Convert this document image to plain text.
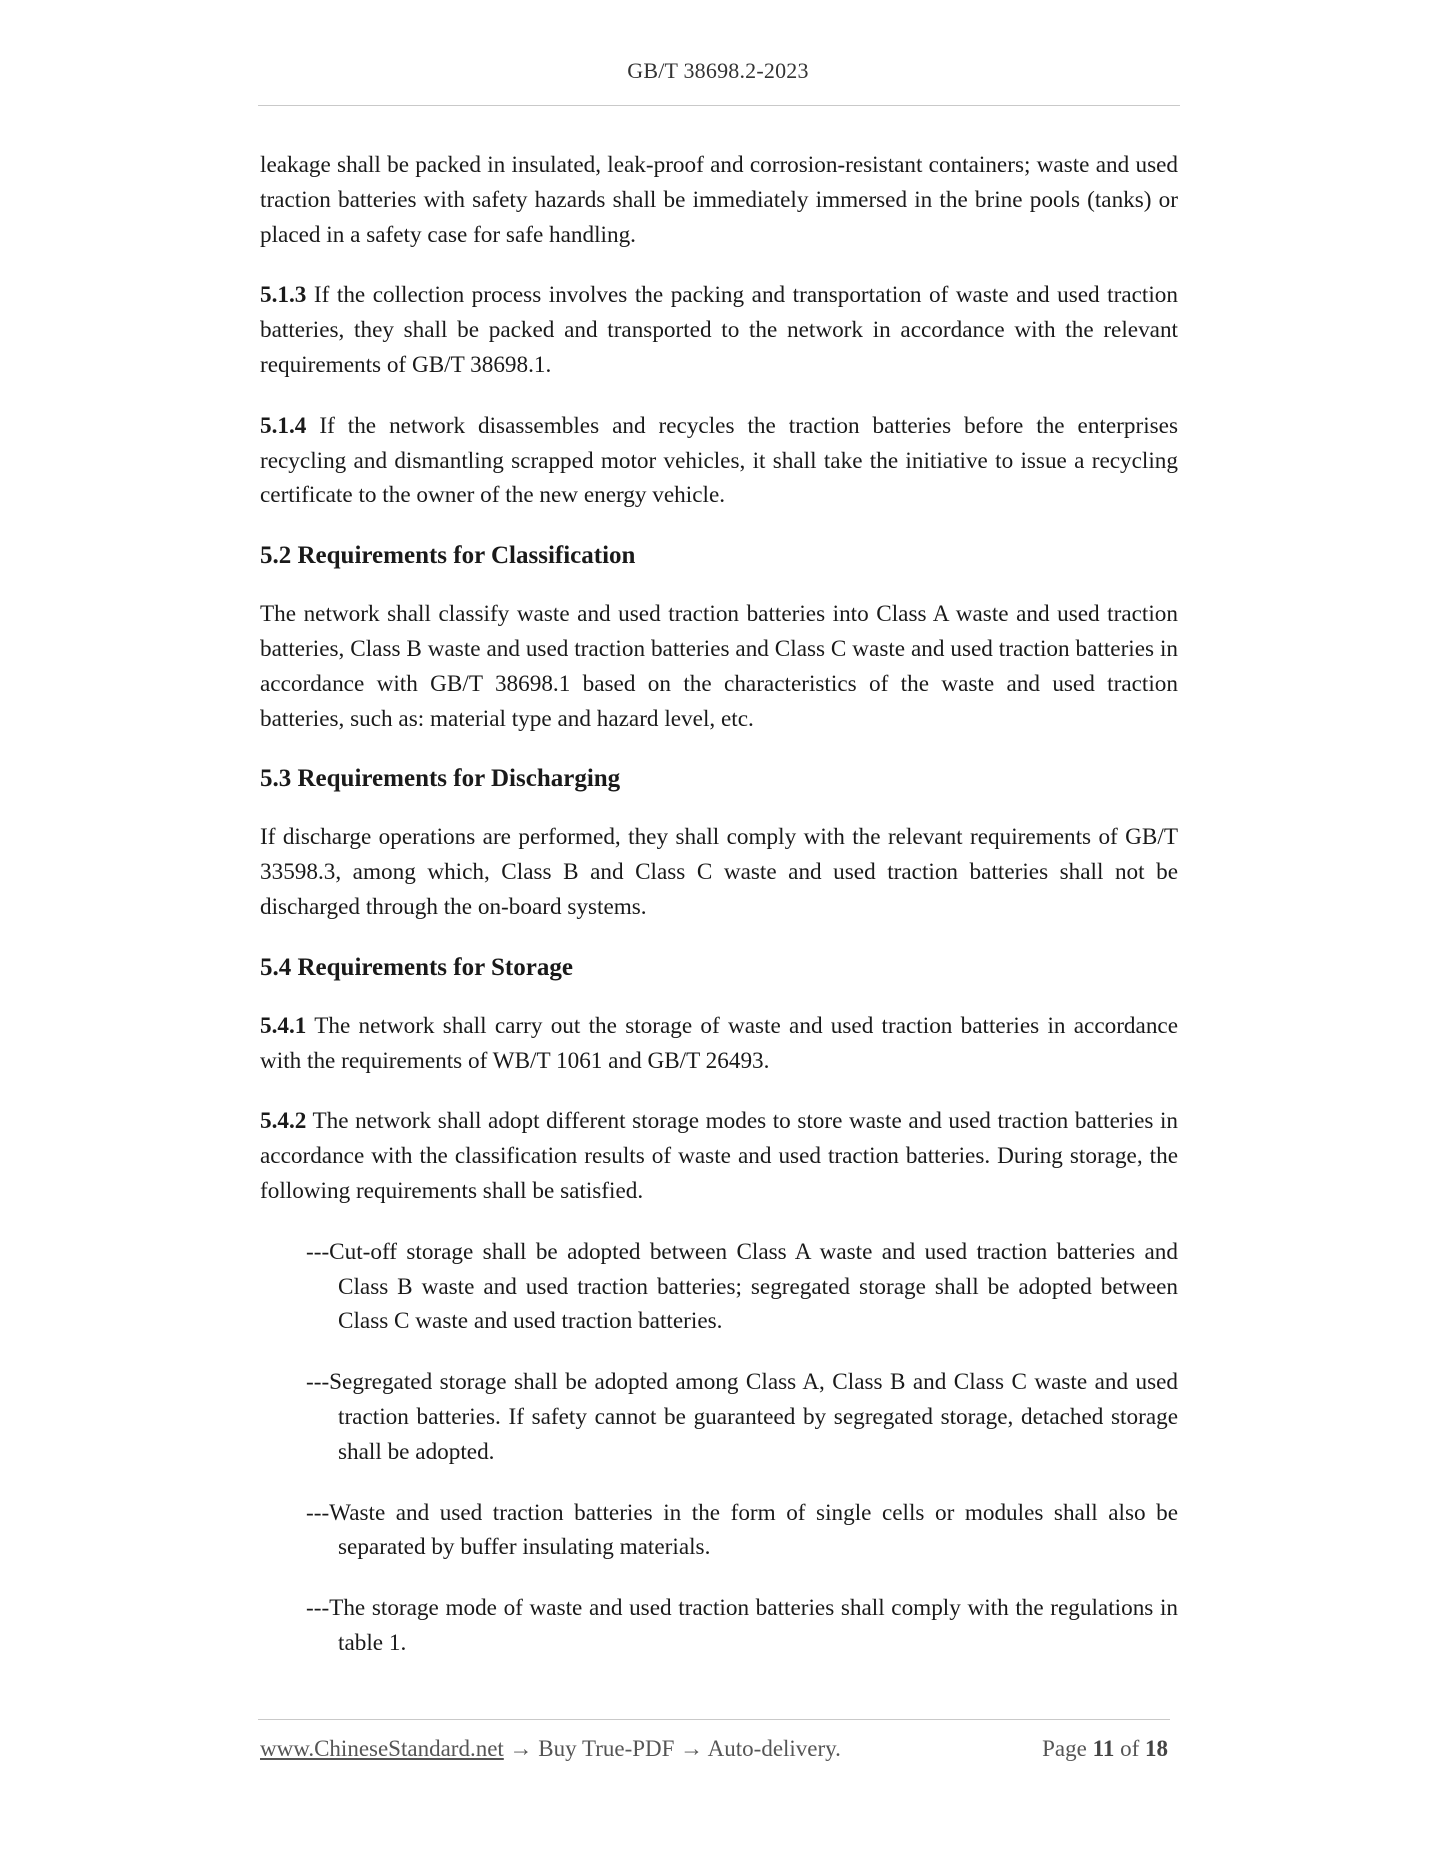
GB/T 38698.2-2023

leakage shall be packed in insulated, leak-proof and corrosion-resistant containers; waste and used traction batteries with safety hazards shall be immediately immersed in the brine pools (tanks) or placed in a safety case for safe handling.

5.1.3 If the collection process involves the packing and transportation of waste and used traction batteries, they shall be packed and transported to the network in accordance with the relevant requirements of GB/T 38698.1.

5.1.4 If the network disassembles and recycles the traction batteries before the enterprises recycling and dismantling scrapped motor vehicles, it shall take the initiative to issue a recycling certificate to the owner of the new energy vehicle.

5.2 Requirements for Classification

The network shall classify waste and used traction batteries into Class A waste and used traction batteries, Class B waste and used traction batteries and Class C waste and used traction batteries in accordance with GB/T 38698.1 based on the characteristics of the waste and used traction batteries, such as: material type and hazard level, etc.

5.3 Requirements for Discharging

If discharge operations are performed, they shall comply with the relevant requirements of GB/T 33598.3, among which, Class B and Class C waste and used traction batteries shall not be discharged through the on-board systems.

5.4 Requirements for Storage

5.4.1 The network shall carry out the storage of waste and used traction batteries in accordance with the requirements of WB/T 1061 and GB/T 26493.

5.4.2 The network shall adopt different storage modes to store waste and used traction batteries in accordance with the classification results of waste and used traction batteries. During storage, the following requirements shall be satisfied.

---Cut-off storage shall be adopted between Class A waste and used traction batteries and Class B waste and used traction batteries; segregated storage shall be adopted between Class C waste and used traction batteries.
---Segregated storage shall be adopted among Class A, Class B and Class C waste and used traction batteries. If safety cannot be guaranteed by segregated storage, detached storage shall be adopted.
---Waste and used traction batteries in the form of single cells or modules shall also be separated by buffer insulating materials.
---The storage mode of waste and used traction batteries shall comply with the regulations in table 1.
www.ChineseStandard.net → Buy True-PDF → Auto-delivery.	Page 11 of 18
